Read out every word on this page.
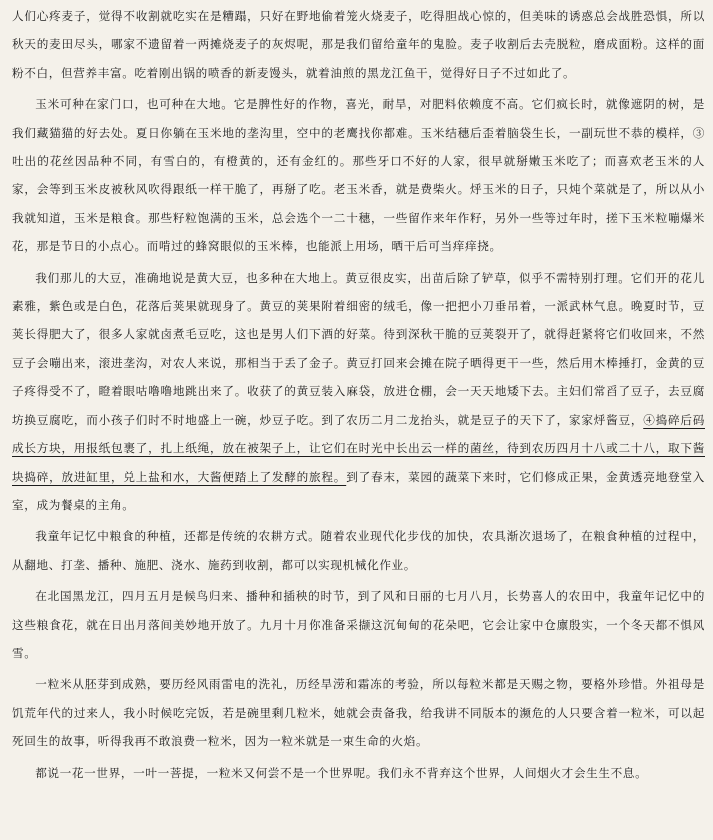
人们心疼麦子，觉得不收割就吃实在是糟蹋，只好在野地偷着笼火烧麦子，吃得胆战心惊的，但美味的诱惑总会战胜恐惧，所以秋天的麦田尽头，哪家不遗留着一两摊烧麦子的灰烬呢，那是我们留给童年的鬼脸。麦子收割后去壳脱粒，磨成面粉。这样的面粉不白，但营养丰富。吃着刚出锅的喷香的新麦馒头，就着油煎的黑龙江鱼干，觉得好日子不过如此了。

玉米可种在家门口，也可种在大地。它是脾性好的作物，喜光，耐旱，对肥料依赖度不高。它们疯长时，就像遮阴的树，是我们藏猫猫的好去处。夏日你躺在玉米地的垄沟里，空中的老鹰找你都难。玉米结穗后歪着脑袋生长，一副玩世不恭的模样，③吐出的花丝因品种不同，有雪白的，有橙黄的，还有金红的。那些牙口不好的人家，很早就掰嫩玉米吃了；而喜欢老玉米的人家，会等到玉米皮被秋风吹得跟纸一样干脆了，再掰了吃。老玉米香，就是费柴火。烀玉米的日子，只炖个菜就是了，所以从小我就知道，玉米是粮食。那些籽粒饱满的玉米，总会选个一二十穗，一些留作来年作籽，另外一些等过年时，搓下玉米粒嘣爆米花，那是节日的小点心。而啃过的蜂窝眼似的玉米棒，也能派上用场，晒干后可当痒痒挠。

我们那儿的大豆，准确地说是黄大豆，也多种在大地上。黄豆很皮实，出苗后除了铲草，似乎不需特别打理。它们开的花儿素雅，紫色或是白色，花落后荚果就现身了。黄豆的荚果附着细密的绒毛，像一把把小刀垂吊着，一派武林气息。晚夏时节，豆荚长得肥大了，很多人家就卤煮毛豆吃，这也是男人们下酒的好菜。待到深秋干脆的豆荚裂开了，就得赶紧将它们收回来，不然豆子会嘣出来，滚进垄沟，对农人来说，那相当于丢了金子。黄豆打回来会摊在院子晒得更干一些，然后用木棒捶打，金黄的豆子疼得受不了，瞪着眼咕噜噜地跳出来了。收获了的黄豆装入麻袋，放进仓棚，会一天天地矮下去。主妇们常舀了豆子，去豆腐坊换豆腐吃，而小孩子们时不时地盛上一碗，炒豆子吃。到了农历二月二龙抬头，就是豆子的天下了，家家烀酱豆，④捣碎后码成长方块，用报纸包裹了，扎上纸绳，放在被架子上，让它们在时光中长出云一样的菌丝，待到农历四月十八或二十八，取下酱块捣碎，放进缸里，兑上盐和水，大酱便踏上了发酵的旅程。到了春末，菜园的蔬菜下来时，它们修成正果，金黄透亮地登堂入室，成为餐桌的主角。

我童年记忆中粮食的种植，还都是传统的农耕方式。随着农业现代化步伐的加快，农具渐次退场了，在粮食种植的过程中，从翻地、打垄、播种、施肥、浇水、施药到收割，都可以实现机械化作业。

在北国黑龙江，四月五月是候鸟归来、播种和插秧的时节，到了风和日丽的七月八月，长势喜人的农田中，我童年记忆中的这些粮食花，就在日出月落间美妙地开放了。九月十月你准备采撷这沉甸甸的花朵吧，它会让家中仓廪殷实，一个冬天都不惧风雪。

一粒米从胚芽到成熟，要历经风雨雷电的洗礼，历经旱涝和霜冻的考验，所以每粒米都是天赐之物，要格外珍惜。外祖母是饥荒年代的过来人，我小时候吃完饭，若是碗里剩几粒米，她就会责备我，给我讲不同版本的濒危的人只要含着一粒米，可以起死回生的故事，听得我再不敢浪费一粒米，因为一粒米就是一束生命的火焰。

都说一花一世界，一叶一菩提，一粒米又何尝不是一个世界呢。我们永不背弃这个世界，人间烟火才会生生不息。
